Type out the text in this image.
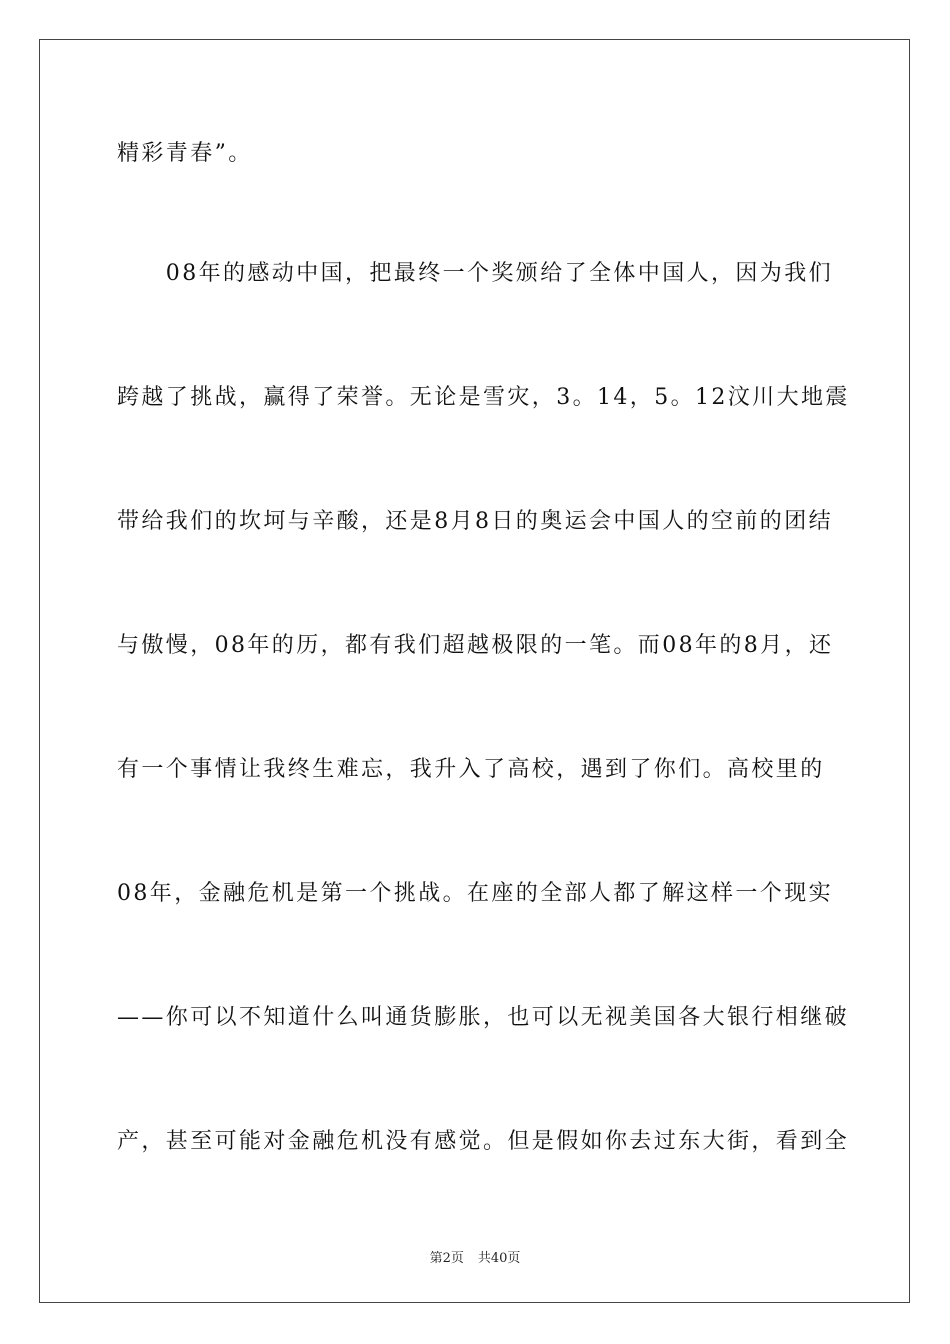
精彩青春”。
　　08年的感动中国，把最终一个奖颁给了全体中国人，因为我们
跨越了挑战，赢得了荣誉。无论是雪灾，3。14，5。12汶川大地震
带给我们的坎坷与辛酸，还是8月8日的奥运会中国人的空前的团结
与傲慢，08年的历，都有我们超越极限的一笔。而08年的8月，还
有一个事情让我终生难忘，我升入了高校，遇到了你们。高校里的
08年，金融危机是第一个挑战。在座的全部人都了解这样一个现实
——你可以不知道什么叫通货膨胀，也可以无视美国各大银行相继破
产，甚至可能对金融危机没有感觉。但是假如你去过东大街，看到全
第2页 共40页
